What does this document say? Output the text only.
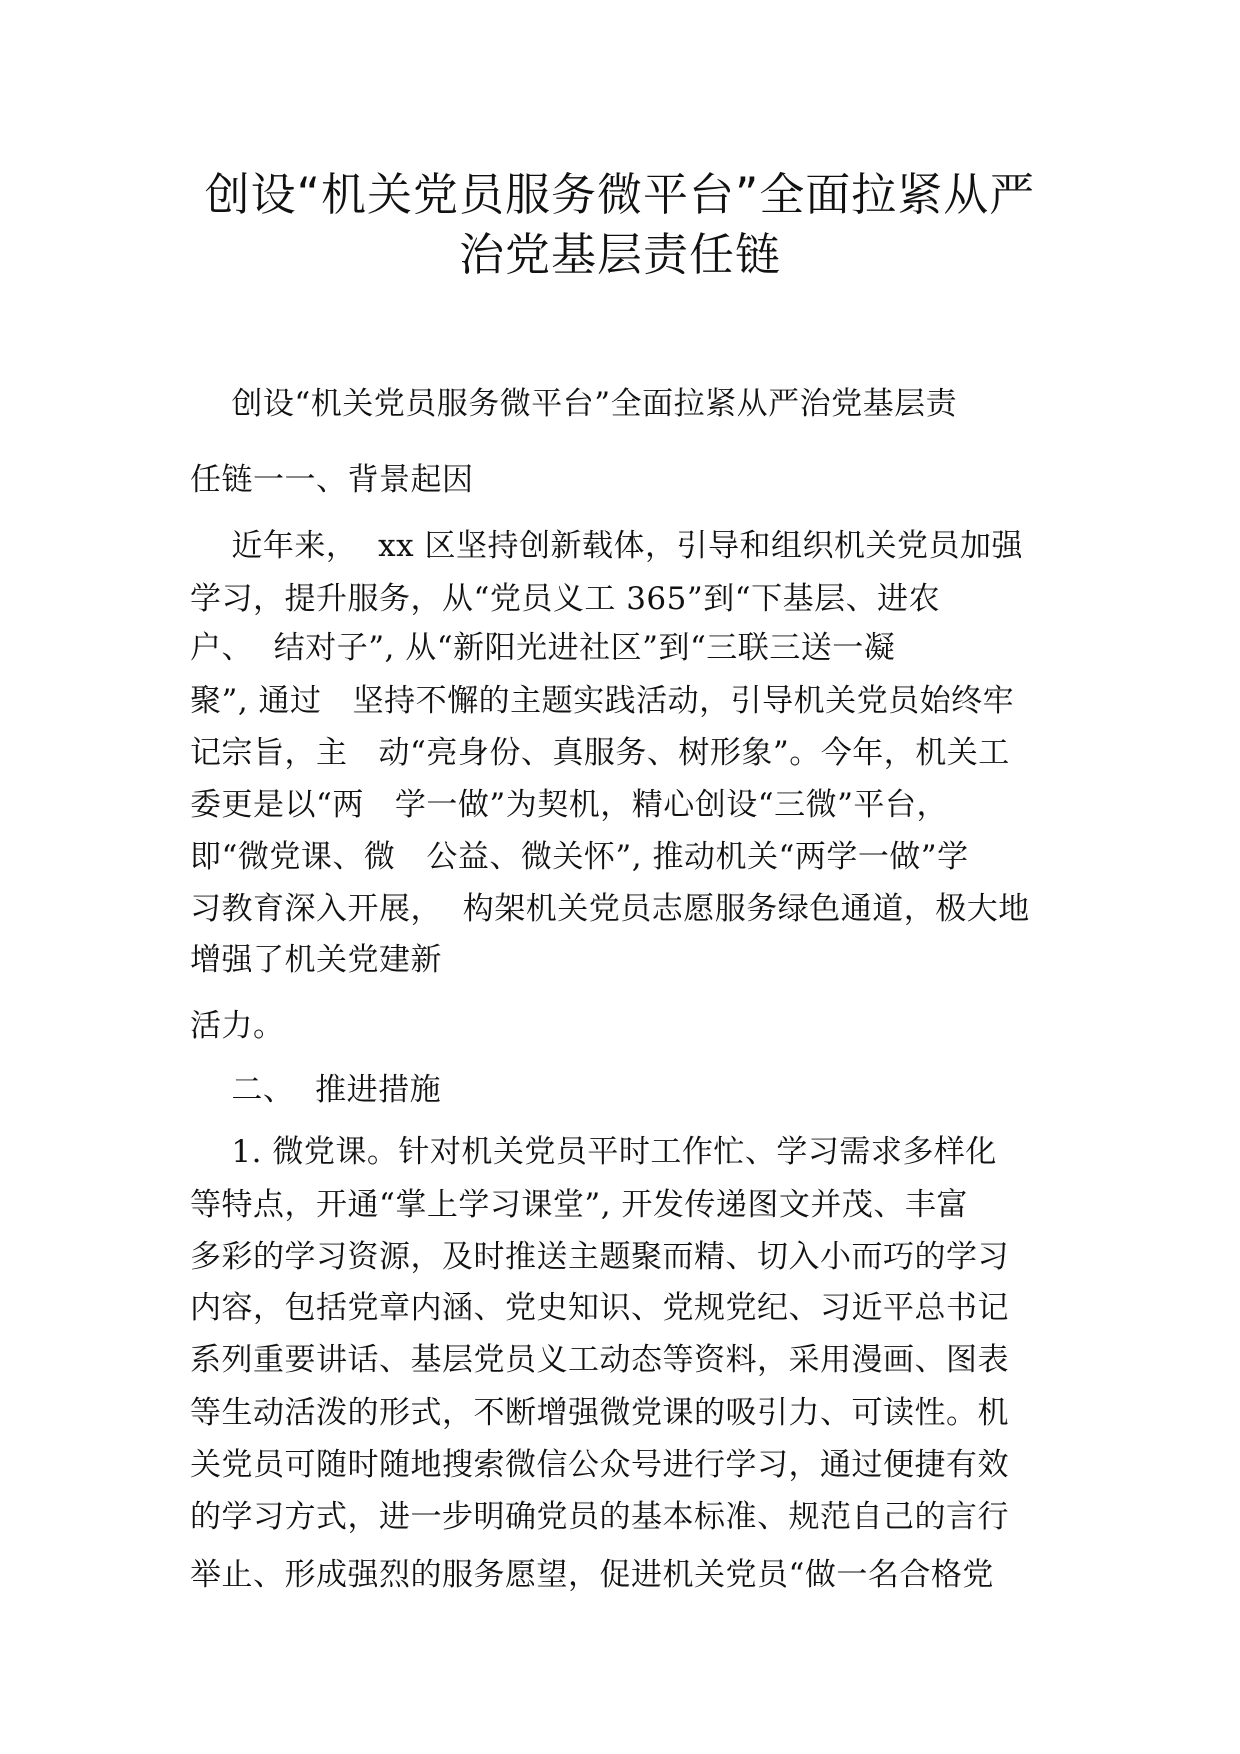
创设“机关党员服务微平台”全面拉紧从严
治党基层责任链
创设“机关党员服务微平台”全面拉紧从严治党基层责
任链一一、背景起因
近年来，  xx 区坚持创新载体，引导和组织机关党员加强
学习，提升服务，从“党员义工 365”到“下基层、进农
户、  结对子”, 从“新阳光进社区”到“三联三送一凝
聚”, 通过   坚持不懈的主题实践活动，引导机关党员始终牢
记宗旨，主   动“亮身份、真服务、树形象”。今年，机关工
委更是以“两   学一做”为契机，精心创设“三微”平台，
即“微党课、微   公益、微关怀”, 推动机关“两学一做”学
习教育深入开展，  构架机关党员志愿服务绿色通道，极大地
增强了机关党建新
活力。
二、  推进措施
1. 微党课。针对机关党员平时工作忙、学习需求多样化
等特点，开通“掌上学习课堂”, 开发传递图文并茂、丰富
多彩的学习资源，及时推送主题聚而精、切入小而巧的学习
内容，包括党章内涵、党史知识、党规党纪、习近平总书记
系列重要讲话、基层党员义工动态等资料，采用漫画、图表
等生动活泼的形式，不断增强微党课的吸引力、可读性。机
关党员可随时随地搜索微信公众号进行学习，通过便捷有效
的学习方式，进一步明确党员的基本标准、规范自己的言行
举止、形成强烈的服务愿望，促进机关党员“做一名合格党
